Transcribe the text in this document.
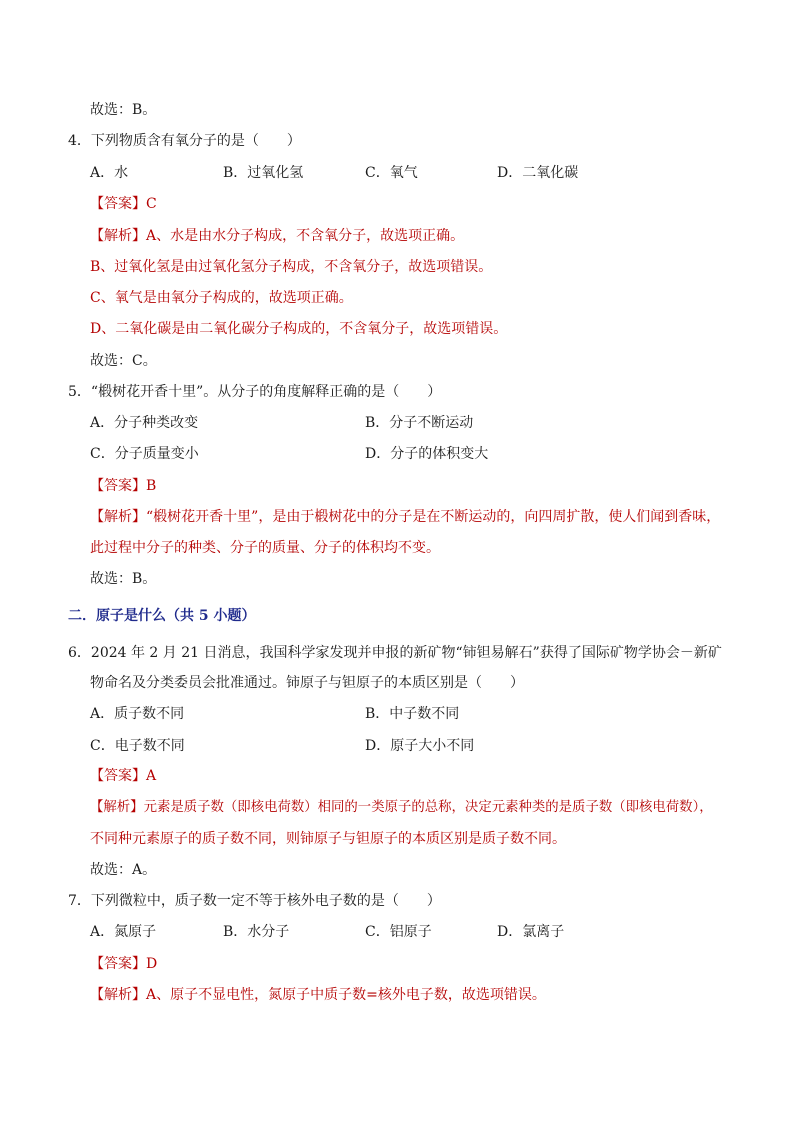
故选：B。
4．下列物质含有氧分子的是（　　）
A．水	B．过氧化氢	C．氧气	D．二氧化碳
【答案】C
【解析】A、水是由水分子构成，不含氧分子，故选项正确。
B、过氧化氢是由过氧化氢分子构成，不含氧分子，故选项错误。
C、氧气是由氧分子构成的，故选项正确。
D、二氧化碳是由二氧化碳分子构成的，不含氧分子，故选项错误。
故选：C。
5．“椴树花开香十里”。从分子的角度解释正确的是（　　）
A．分子种类改变	B．分子不断运动
C．分子质量变小	D．分子的体积变大
【答案】B
【解析】“椴树花开香十里”，是由于椴树花中的分子是在不断运动的，向四周扩散，使人们闻到香味，
此过程中分子的种类、分子的质量、分子的体积均不变。
故选：B。
二．原子是什么（共 5 小题）
6．2024 年 2 月 21 日消息，我国科学家发现并申报的新矿物“铈钽易解石”获得了国际矿物学协会－新矿
物命名及分类委员会批准通过。铈原子与钽原子的本质区别是（　　）
A．质子数不同	B．中子数不同
C．电子数不同	D．原子大小不同
【答案】A
【解析】元素是质子数（即核电荷数）相同的一类原子的总称，决定元素种类的是质子数（即核电荷数），
不同种元素原子的质子数不同，则铈原子与钽原子的本质区别是质子数不同。
故选：A。
7．下列微粒中，质子数一定不等于核外电子数的是（　　）
A．氮原子	B．水分子	C．铝原子	D．氯离子
【答案】D
【解析】A、原子不显电性，氮原子中质子数=核外电子数，故选项错误。
